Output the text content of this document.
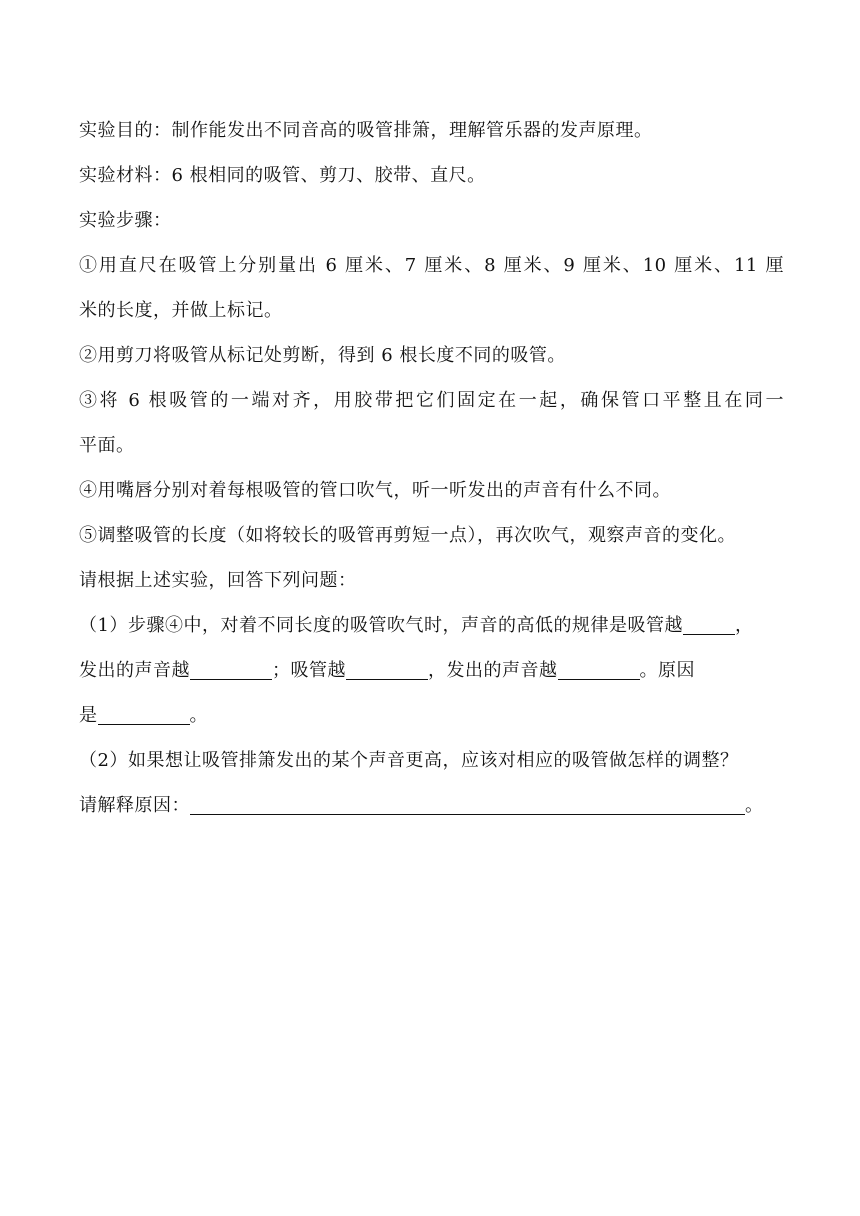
实验目的：制作能发出不同音高的吸管排箫，理解管乐器的发声原理。
实验材料：6 根相同的吸管、剪刀、胶带、直尺。
实验步骤：
①用直尺在吸管上分别量出 6 厘米、7 厘米、8 厘米、9 厘米、10 厘米、11 厘
米的长度，并做上标记。
②用剪刀将吸管从标记处剪断，得到 6 根长度不同的吸管。
③将 6 根吸管的一端对齐，用胶带把它们固定在一起，确保管口平整且在同一
平面。
④用嘴唇分别对着每根吸管的管口吹气，听一听发出的声音有什么不同。
⑤调整吸管的长度（如将较长的吸管再剪短一点），再次吹气，观察声音的变化。
请根据上述实验，回答下列问题：
（1）步骤④中，对着不同长度的吸管吹气时，声音的高低的规律是吸管越	，
发出的声音越	；吸管越	，发出的声音越	。原因
是	。
（2）如果想让吸管排箫发出的某个声音更高，应该对相应的吸管做怎样的调整？
请解释原因：	。
